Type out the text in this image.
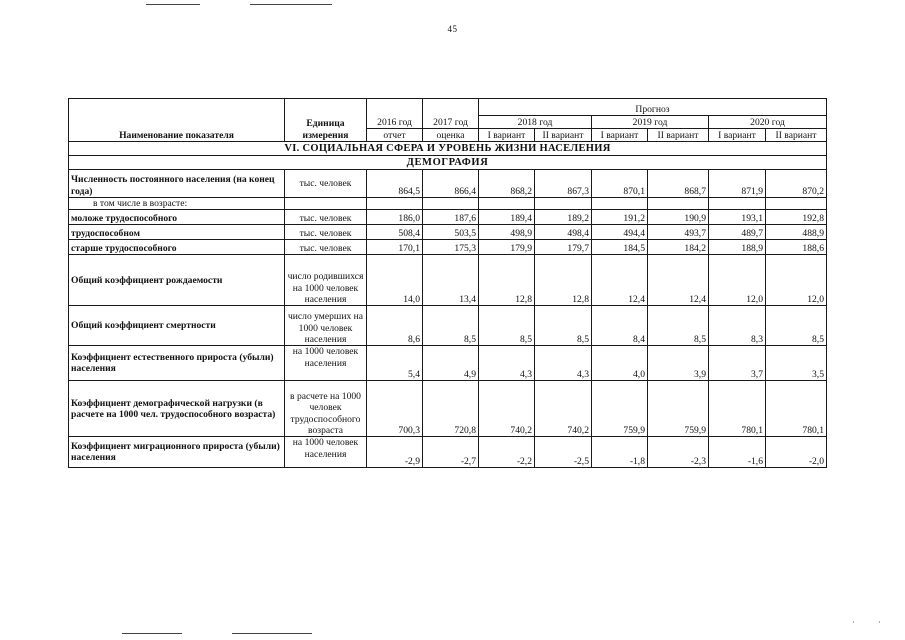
·	·
45
Наименование показателя	Единица измерения	2016 год	2017 год	Прогноз					
				2018 год		2019 год		2020 год	
		отчет	оценка	I вариант	II вариант	I вариант	II вариант	I вариант	II вариант
VI. СОЦИАЛЬНАЯ СФЕРА И УРОВЕНЬ ЖИЗНИ НАСЕЛЕНИЯ									
ДЕМОГРАФИЯ									
Численность постоянного населения (на конец года)	тыс. человек	864,5	866,4	868,2	867,3	870,1	868,7	871,9	870,2
в том числе в возрасте:									
моложе трудоспособного	тыс. человек	186,0	187,6	189,4	189,2	191,2	190,9	193,1	192,8
трудоспособном	тыс. человек	508,4	503,5	498,9	498,4	494,4	493,7	489,7	488,9
старше трудоспособного	тыс. человек	170,1	175,3	179,9	179,7	184,5	184,2	188,9	188,6
Общий коэффициент рождаемости	число родившихся на 1000 человек населения	14,0	13,4	12,8	12,8	12,4	12,4	12,0	12,0
Общий коэффициент смертности	число умерших на 1000 человек населения	8,6	8,5	8,5	8,5	8,4	8,5	8,3	8,5
Коэффициент естественного прироста (убыли) населения	на 1000 человек населения	5,4	4,9	4,3	4,3	4,0	3,9	3,7	3,5
Коэффициент демографической нагрузки (в расчете на 1000 чел. трудоспособного возраста)	в расчете на 1000 человек трудоспособного возраста	700,3	720,8	740,2	740,2	759,9	759,9	780,1	780,1
Коэффициент миграционного прироста (убыли) населения	на 1000 человек населения	-2,9	-2,7	-2,2	-2,5	-1,8	-2,3	-1,6	-2,0
